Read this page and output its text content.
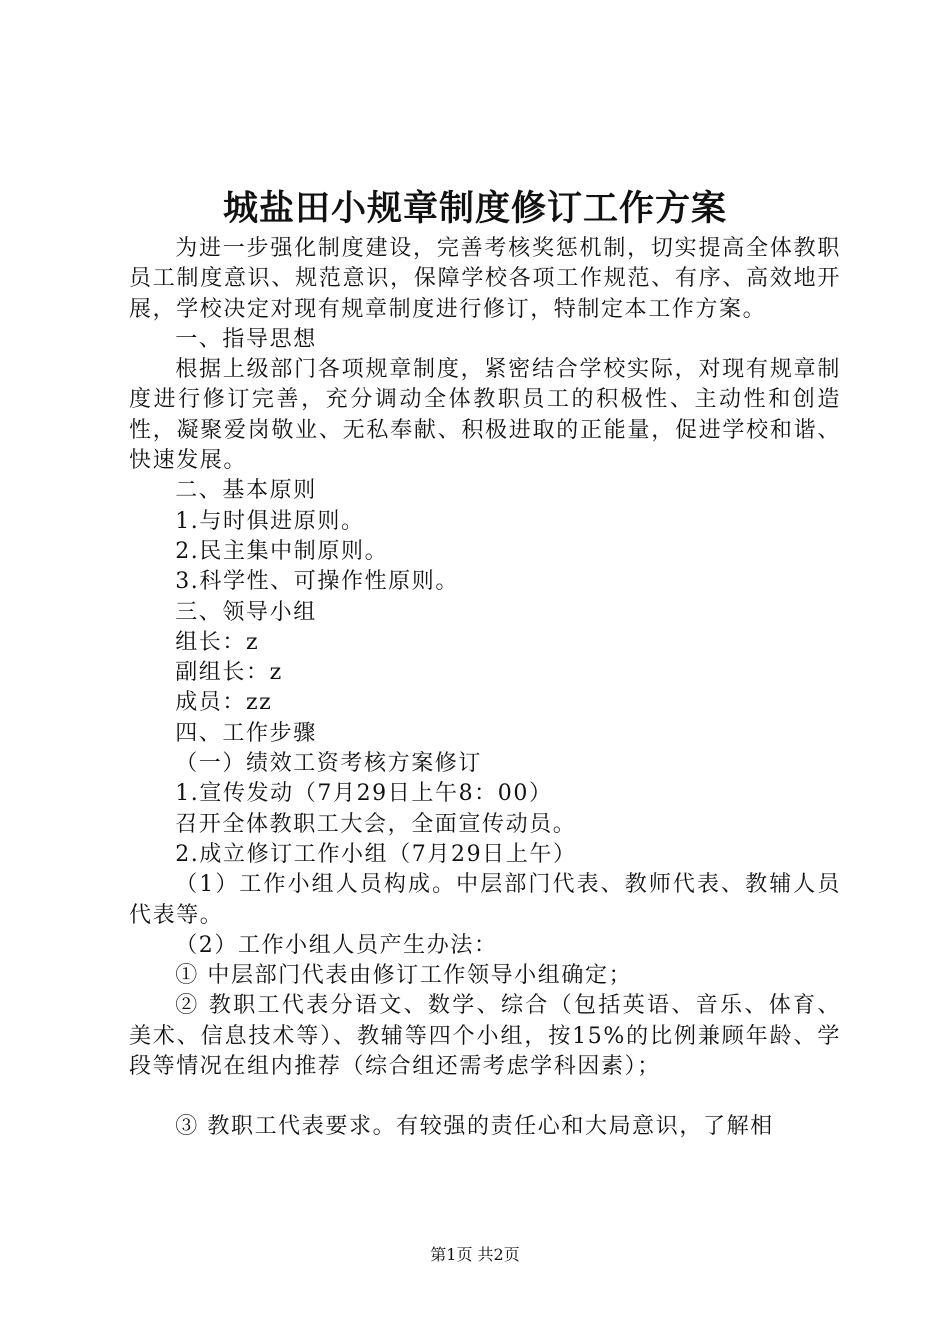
城盐田小规章制度修订工作方案

为进一步强化制度建设，完善考核奖惩机制，切实提高全体教职员工制度意识、规范意识，保障学校各项工作规范、有序、高效地开展，学校决定对现有规章制度进行修订，特制定本工作方案。

一、指导思想

根据上级部门各项规章制度，紧密结合学校实际，对现有规章制度进行修订完善，充分调动全体教职员工的积极性、主动性和创造性，凝聚爱岗敬业、无私奉献、积极进取的正能量，促进学校和谐、快速发展。

二、基本原则

1.与时俱进原则。

2.民主集中制原则。

3.科学性、可操作性原则。

三、领导小组

组长：z

副组长：z

成员：zz

四、工作步骤

（一）绩效工资考核方案修订

1.宣传发动（7月29日上午8：00）

召开全体教职工大会，全面宣传动员。

2.成立修订工作小组（7月29日上午）

（1）工作小组人员构成。中层部门代表、教师代表、教辅人员代表等。

（2）工作小组人员产生办法：

① 中层部门代表由修订工作领导小组确定；

② 教职工代表分语文、数学、综合（包括英语、音乐、体育、美术、信息技术等）、教辅等四个小组，按15%的比例兼顾年龄、学段等情况在组内推荐（综合组还需考虑学科因素）；

③ 教职工代表要求。有较强的责任心和大局意识，了解相

第1页 共2页
